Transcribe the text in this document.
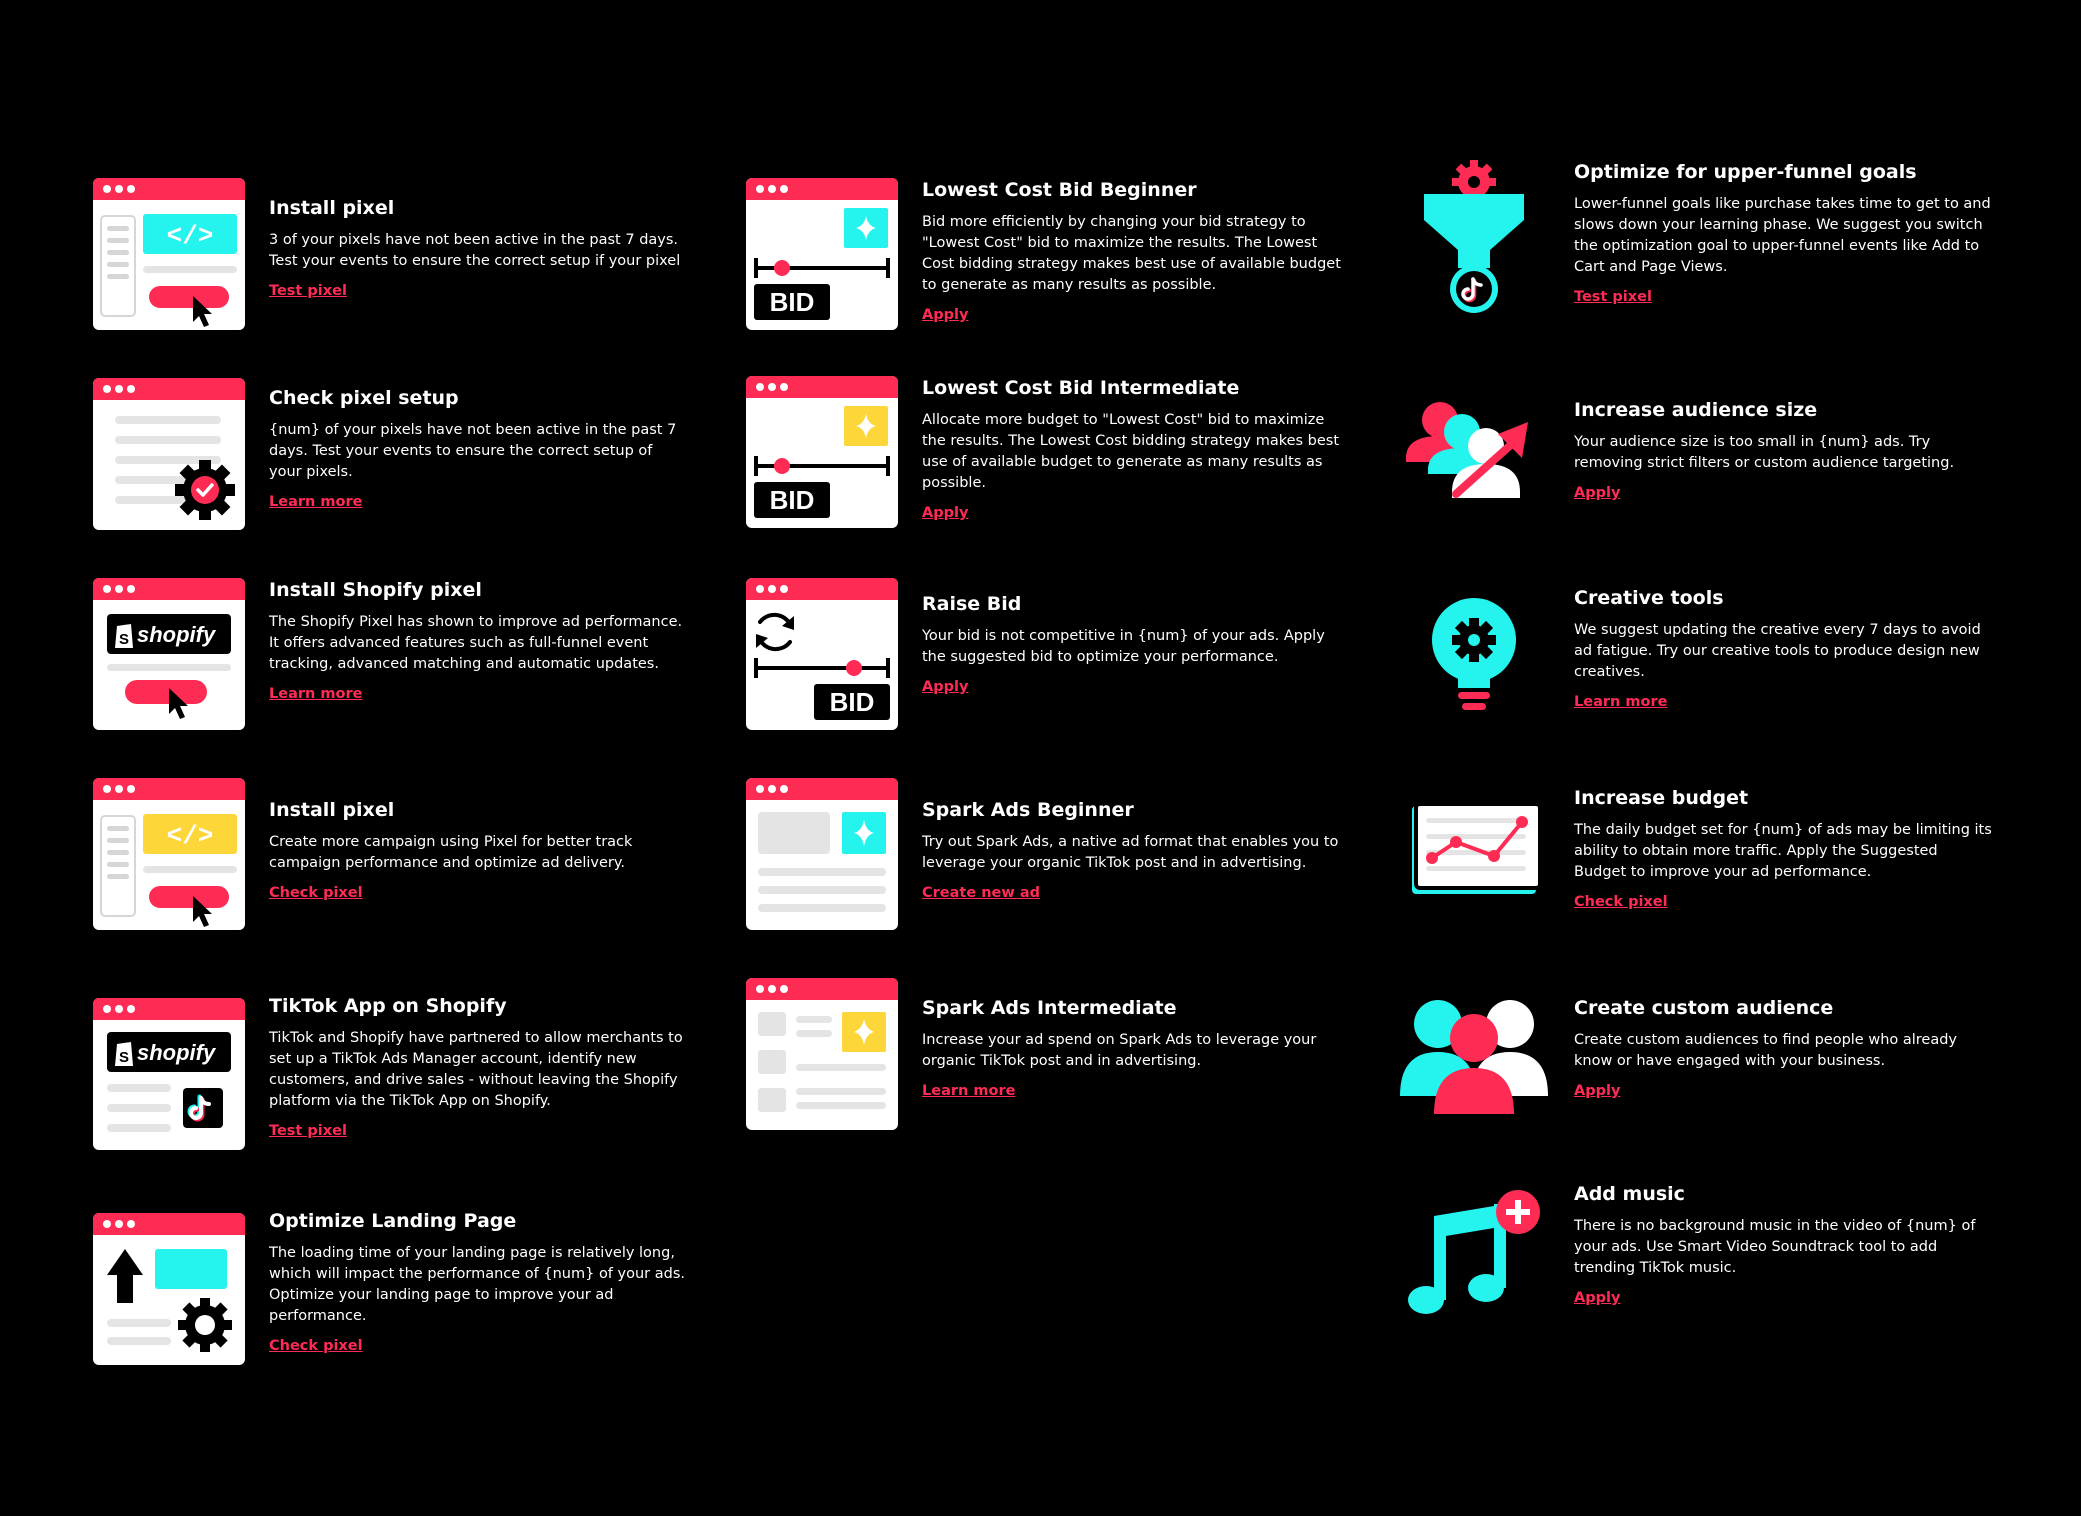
</>
Install pixel
3 of your pixels have not been active in the past 7 days. Test your events to ensure the correct setup if your pixel
Test pixel
Check pixel setup
{num} of your pixels have not been active in the past 7 days. Test your events to ensure the correct setup of your pixels.
Learn more
S shopify
Install Shopify pixel
The Shopify Pixel has shown to improve ad performance. It offers advanced features such as full-funnel event tracking, advanced matching and automatic updates.
Learn more
</>
Install pixel
Create more campaign using Pixel for better track campaign performance and optimize ad delivery.
Check pixel
S shopify
TikTok App on Shopify
TikTok and Shopify have partnered to allow merchants to set up a TikTok Ads Manager account, identify new customers, and drive sales - without leaving the Shopify platform via the TikTok App on Shopify.
Test pixel
Optimize Landing Page
The loading time of your landing page is relatively long, which will impact the performance of {num} of your ads. Optimize your landing page to improve your ad performance.
Check pixel
BID
Lowest Cost Bid Beginner
Bid more efficiently by changing your bid strategy to "Lowest Cost" bid to maximize the results. The Lowest Cost bidding strategy makes best use of available budget to generate as many results as possible.
Apply
BID
Lowest Cost Bid Intermediate
Allocate more budget to "Lowest Cost" bid to maximize the results. The Lowest Cost bidding strategy makes best use of available budget to generate as many results as possible.
Apply
BID
Raise Bid
Your bid is not competitive in {num} of your ads. Apply the suggested bid to optimize your performance.
Apply
Spark Ads Beginner
Try out Spark Ads, a native ad format that enables you to leverage your organic TikTok post and in advertising.
Create new ad
Spark Ads Intermediate
Increase your ad spend on Spark Ads to leverage your organic TikTok post and in advertising.
Learn more
Optimize for upper-funnel goals
Lower-funnel goals like purchase takes time to get to and slows down your learning phase. We suggest you switch the optimization goal to upper-funnel events like Add to Cart and Page Views.
Test pixel
Increase audience size
Your audience size is too small in {num} ads. Try removing strict filters or custom audience targeting.
Apply
Creative tools
We suggest updating the creative every 7 days to avoid ad fatigue. Try our creative tools to produce design new creatives.
Learn more
Increase budget
The daily budget set for {num} of ads may be limiting its ability to obtain more traffic. Apply the Suggested Budget to improve your ad performance.
Check pixel
Create custom audience
Create custom audiences to find people who already know or have engaged with your business.
Apply
Add music
There is no background music in the video of {num} of your ads. Use Smart Video Soundtrack tool to add trending TikTok music.
Apply
